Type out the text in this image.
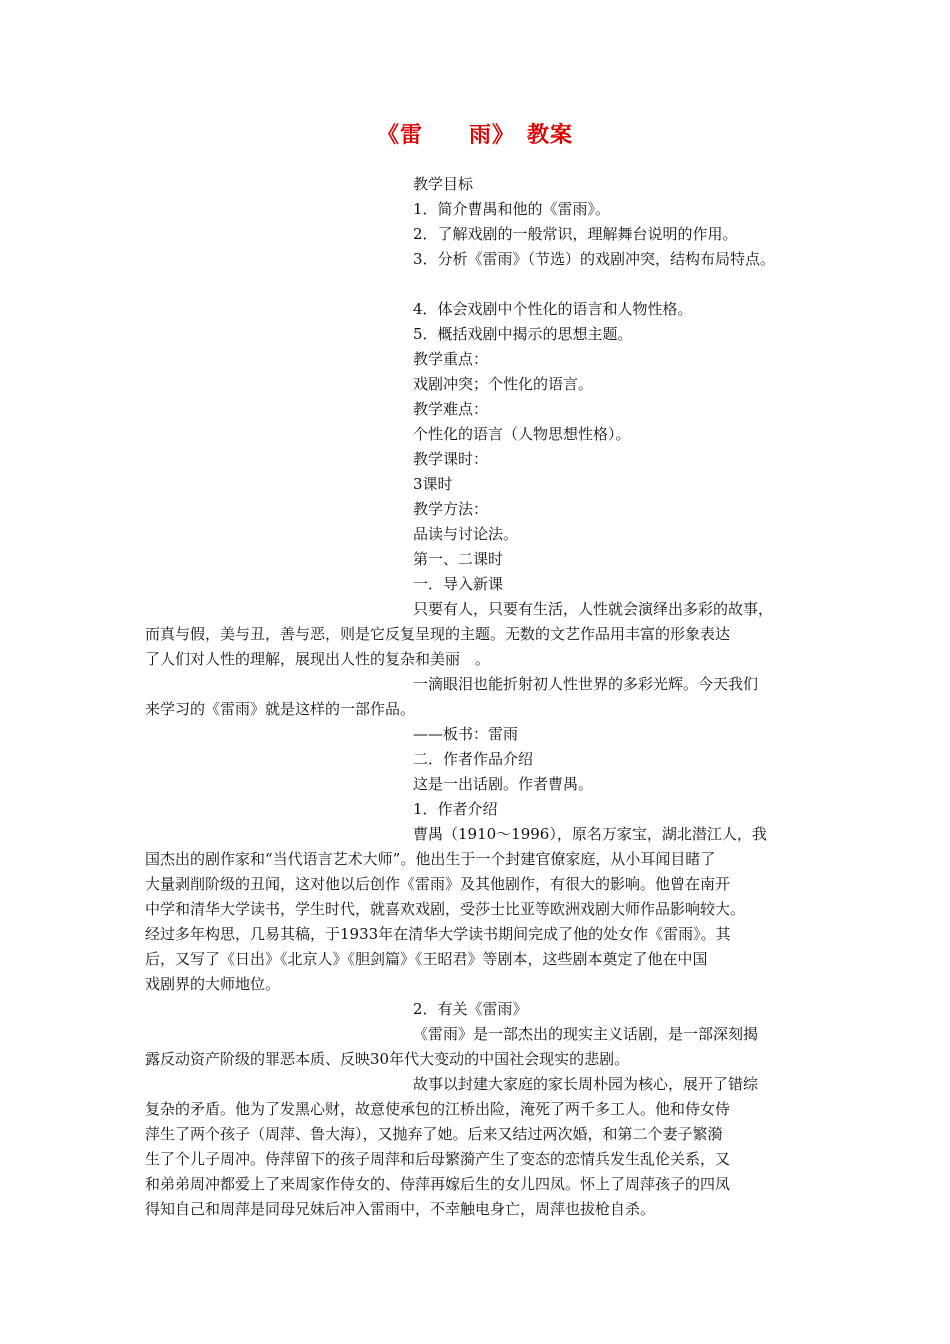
《雷　　雨》　教案
教学目标
1．简介曹禺和他的《雷雨》。
2．了解戏剧的一般常识，理解舞台说明的作用。
3．分析《雷雨》（节选）的戏剧冲突，结构布局特点。
4．体会戏剧中个性化的语言和人物性格。
5．概括戏剧中揭示的思想主题。
教学重点：
戏剧冲突；个性化的语言。
教学难点：
个性化的语言（人物思想性格）。
教学课时：
3课时
教学方法：
品读与讨论法。
第一、二课时
一．导入新课
只要有人，只要有生活，人性就会演绎出多彩的故事，
而真与假，美与丑，善与恶，则是它反复呈现的主题。无数的文艺作品用丰富的形象表达
了人们对人性的理解，展现出人性的复杂和美丽　。
一滴眼泪也能折射初人性世界的多彩光辉。今天我们
来学习的《雷雨》就是这样的一部作品。
——板书：雷雨
二．作者作品介绍
这是一出话剧。作者曹禺。
1．作者介绍
曹禺（1910～1996），原名万家宝，湖北潜江人，我
国杰出的剧作家和“当代语言艺术大师”。他出生于一个封建官僚家庭，从小耳闻目睹了
大量剥削阶级的丑闻，这对他以后创作《雷雨》及其他剧作，有很大的影响。他曾在南开
中学和清华大学读书，学生时代，就喜欢戏剧，受莎士比亚等欧洲戏剧大师作品影响较大。
经过多年构思，几易其稿，于1933年在清华大学读书期间完成了他的处女作《雷雨》。其
后，又写了《日出》《北京人》《胆剑篇》《王昭君》等剧本，这些剧本奠定了他在中国
戏剧界的大师地位。
2．有关《雷雨》
《雷雨》是一部杰出的现实主义话剧，是一部深刻揭
露反动资产阶级的罪恶本质、反映30年代大变动的中国社会现实的悲剧。
故事以封建大家庭的家长周朴园为核心，展开了错综
复杂的矛盾。他为了发黑心财，故意使承包的江桥出险，淹死了两千多工人。他和侍女侍
萍生了两个孩子（周萍、鲁大海），又抛弃了她。后来又结过两次婚，和第二个妻子繁漪
生了个儿子周冲。侍萍留下的孩子周萍和后母繁漪产生了变态的恋情兵发生乱伦关系，又
和弟弟周冲都爱上了来周家作侍女的、侍萍再嫁后生的女儿四凤。怀上了周萍孩子的四凤
得知自己和周萍是同母兄妹后冲入雷雨中，不幸触电身亡，周萍也拔枪自杀。
